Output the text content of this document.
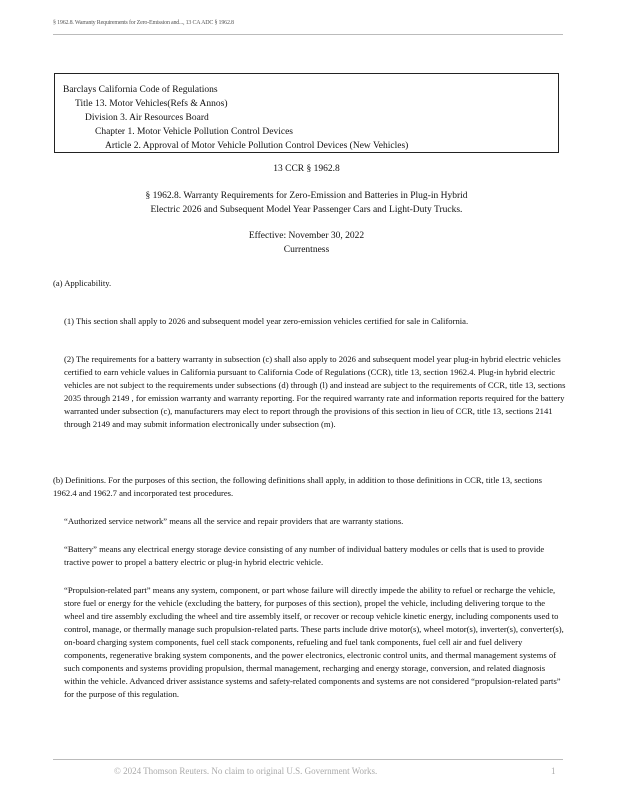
§ 1962.8. Warranty Requirements for Zero-Emission and..., 13 CA ADC § 1962.8
Barclays California Code of Regulations
Title 13. Motor Vehicles(Refs & Annos)
Division 3. Air Resources Board
Chapter 1. Motor Vehicle Pollution Control Devices
Article 2. Approval of Motor Vehicle Pollution Control Devices (New Vehicles)
13 CCR § 1962.8
§ 1962.8. Warranty Requirements for Zero-Emission and Batteries in Plug-in Hybrid
Electric 2026 and Subsequent Model Year Passenger Cars and Light-Duty Trucks.
Effective: November 30, 2022
Currentness
(a) Applicability.
(1) This section shall apply to 2026 and subsequent model year zero-emission vehicles certified for sale in California.
(2) The requirements for a battery warranty in subsection (c) shall also apply to 2026 and subsequent model year plug-in hybrid electric vehicles certified to earn vehicle values in California pursuant to California Code of Regulations (CCR), title 13, section 1962.4. Plug-in hybrid electric vehicles are not subject to the requirements under subsections (d) through (l) and instead are subject to the requirements of CCR, title 13, sections 2035 through 2149 , for emission warranty and warranty reporting. For the required warranty rate and information reports required for the battery warranted under subsection (c), manufacturers may elect to report through the provisions of this section in lieu of CCR, title 13, sections 2141 through 2149 and may submit information electronically under subsection (m).
(b) Definitions. For the purposes of this section, the following definitions shall apply, in addition to those definitions in CCR, title 13, sections 1962.4 and 1962.7 and incorporated test procedures.
“Authorized service network” means all the service and repair providers that are warranty stations.
“Battery” means any electrical energy storage device consisting of any number of individual battery modules or cells that is used to provide tractive power to propel a battery electric or plug-in hybrid electric vehicle.
“Propulsion-related part” means any system, component, or part whose failure will directly impede the ability to refuel or recharge the vehicle, store fuel or energy for the vehicle (excluding the battery, for purposes of this section), propel the vehicle, including delivering torque to the wheel and tire assembly excluding the wheel and tire assembly itself, or recover or recoup vehicle kinetic energy, including components used to control, manage, or thermally manage such propulsion-related parts. These parts include drive motor(s), wheel motor(s), inverter(s), converter(s), on-board charging system components, fuel cell stack components, refueling and fuel tank components, fuel cell air and fuel delivery components, regenerative braking system components, and the power electronics, electronic control units, and thermal management systems of such components and systems providing propulsion, thermal management, recharging and energy storage, conversion, and related diagnosis within the vehicle. Advanced driver assistance systems and safety-related components and systems are not considered “propulsion-related parts” for the purpose of this regulation.
© 2024 Thomson Reuters. No claim to original U.S. Government Works.	1
